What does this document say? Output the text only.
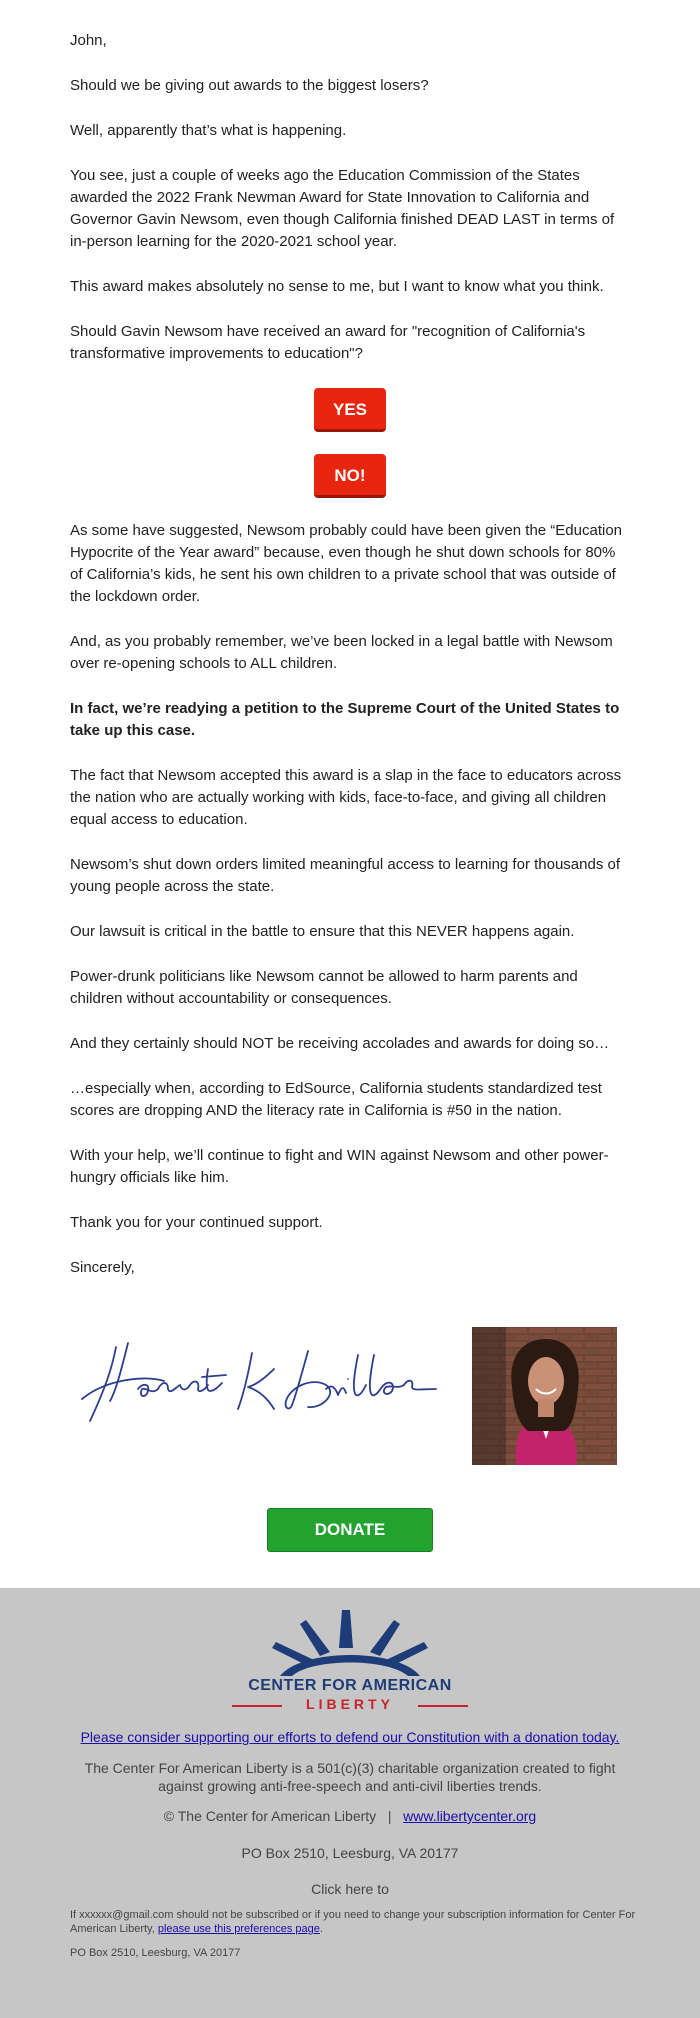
John,

Should we be giving out awards to the biggest losers?

Well, apparently that’s what is happening.

You see, just a couple of weeks ago the Education Commission of the States awarded the 2022 Frank Newman Award for State Innovation to California and Governor Gavin Newsom, even though California finished DEAD LAST in terms of in-person learning for the 2020-2021 school year.

This award makes absolutely no sense to me, but I want to know what you think.

Should Gavin Newsom have received an award for "recognition of California's transformative improvements to education"?

YES
NO!

As some have suggested, Newsom probably could have been given the “Education Hypocrite of the Year award” because, even though he shut down schools for 80% of California’s kids, he sent his own children to a private school that was outside of the lockdown order.

And, as you probably remember, we’ve been locked in a legal battle with Newsom over re-opening schools to ALL children.

In fact, we’re readying a petition to the Supreme Court of the United States to take up this case.

The fact that Newsom accepted this award is a slap in the face to educators across the nation who are actually working with kids, face-to-face, and giving all children equal access to education.

Newsom’s shut down orders limited meaningful access to learning for thousands of young people across the state.

Our lawsuit is critical in the battle to ensure that this NEVER happens again.

Power-drunk politicians like Newsom cannot be allowed to harm parents and children without accountability or consequences.

And they certainly should NOT be receiving accolades and awards for doing so…

…especially when, according to EdSource, California students standardized test scores are dropping AND the literacy rate in California is #50 in the nation.

With your help, we’ll continue to fight and WIN against Newsom and other power-hungry officials like him.

Thank you for your continued support.

Sincerely,

DONATE
CENTER FOR AMERICAN
LIBERTY
Please consider supporting our efforts to defend our Constitution with a donation today.
The Center For American Liberty is a 501(c)(3) charitable organization created to fight against growing anti-free-speech and anti-civil liberties trends.
© The Center for American Liberty | www.libertycenter.org
PO Box 2510, Leesburg, VA 20177
Click here to
If xxxxxx@gmail.com should not be subscribed or if you need to change your subscription information for Center For American Liberty, please use this preferences page.
PO Box 2510, Leesburg, VA 20177
